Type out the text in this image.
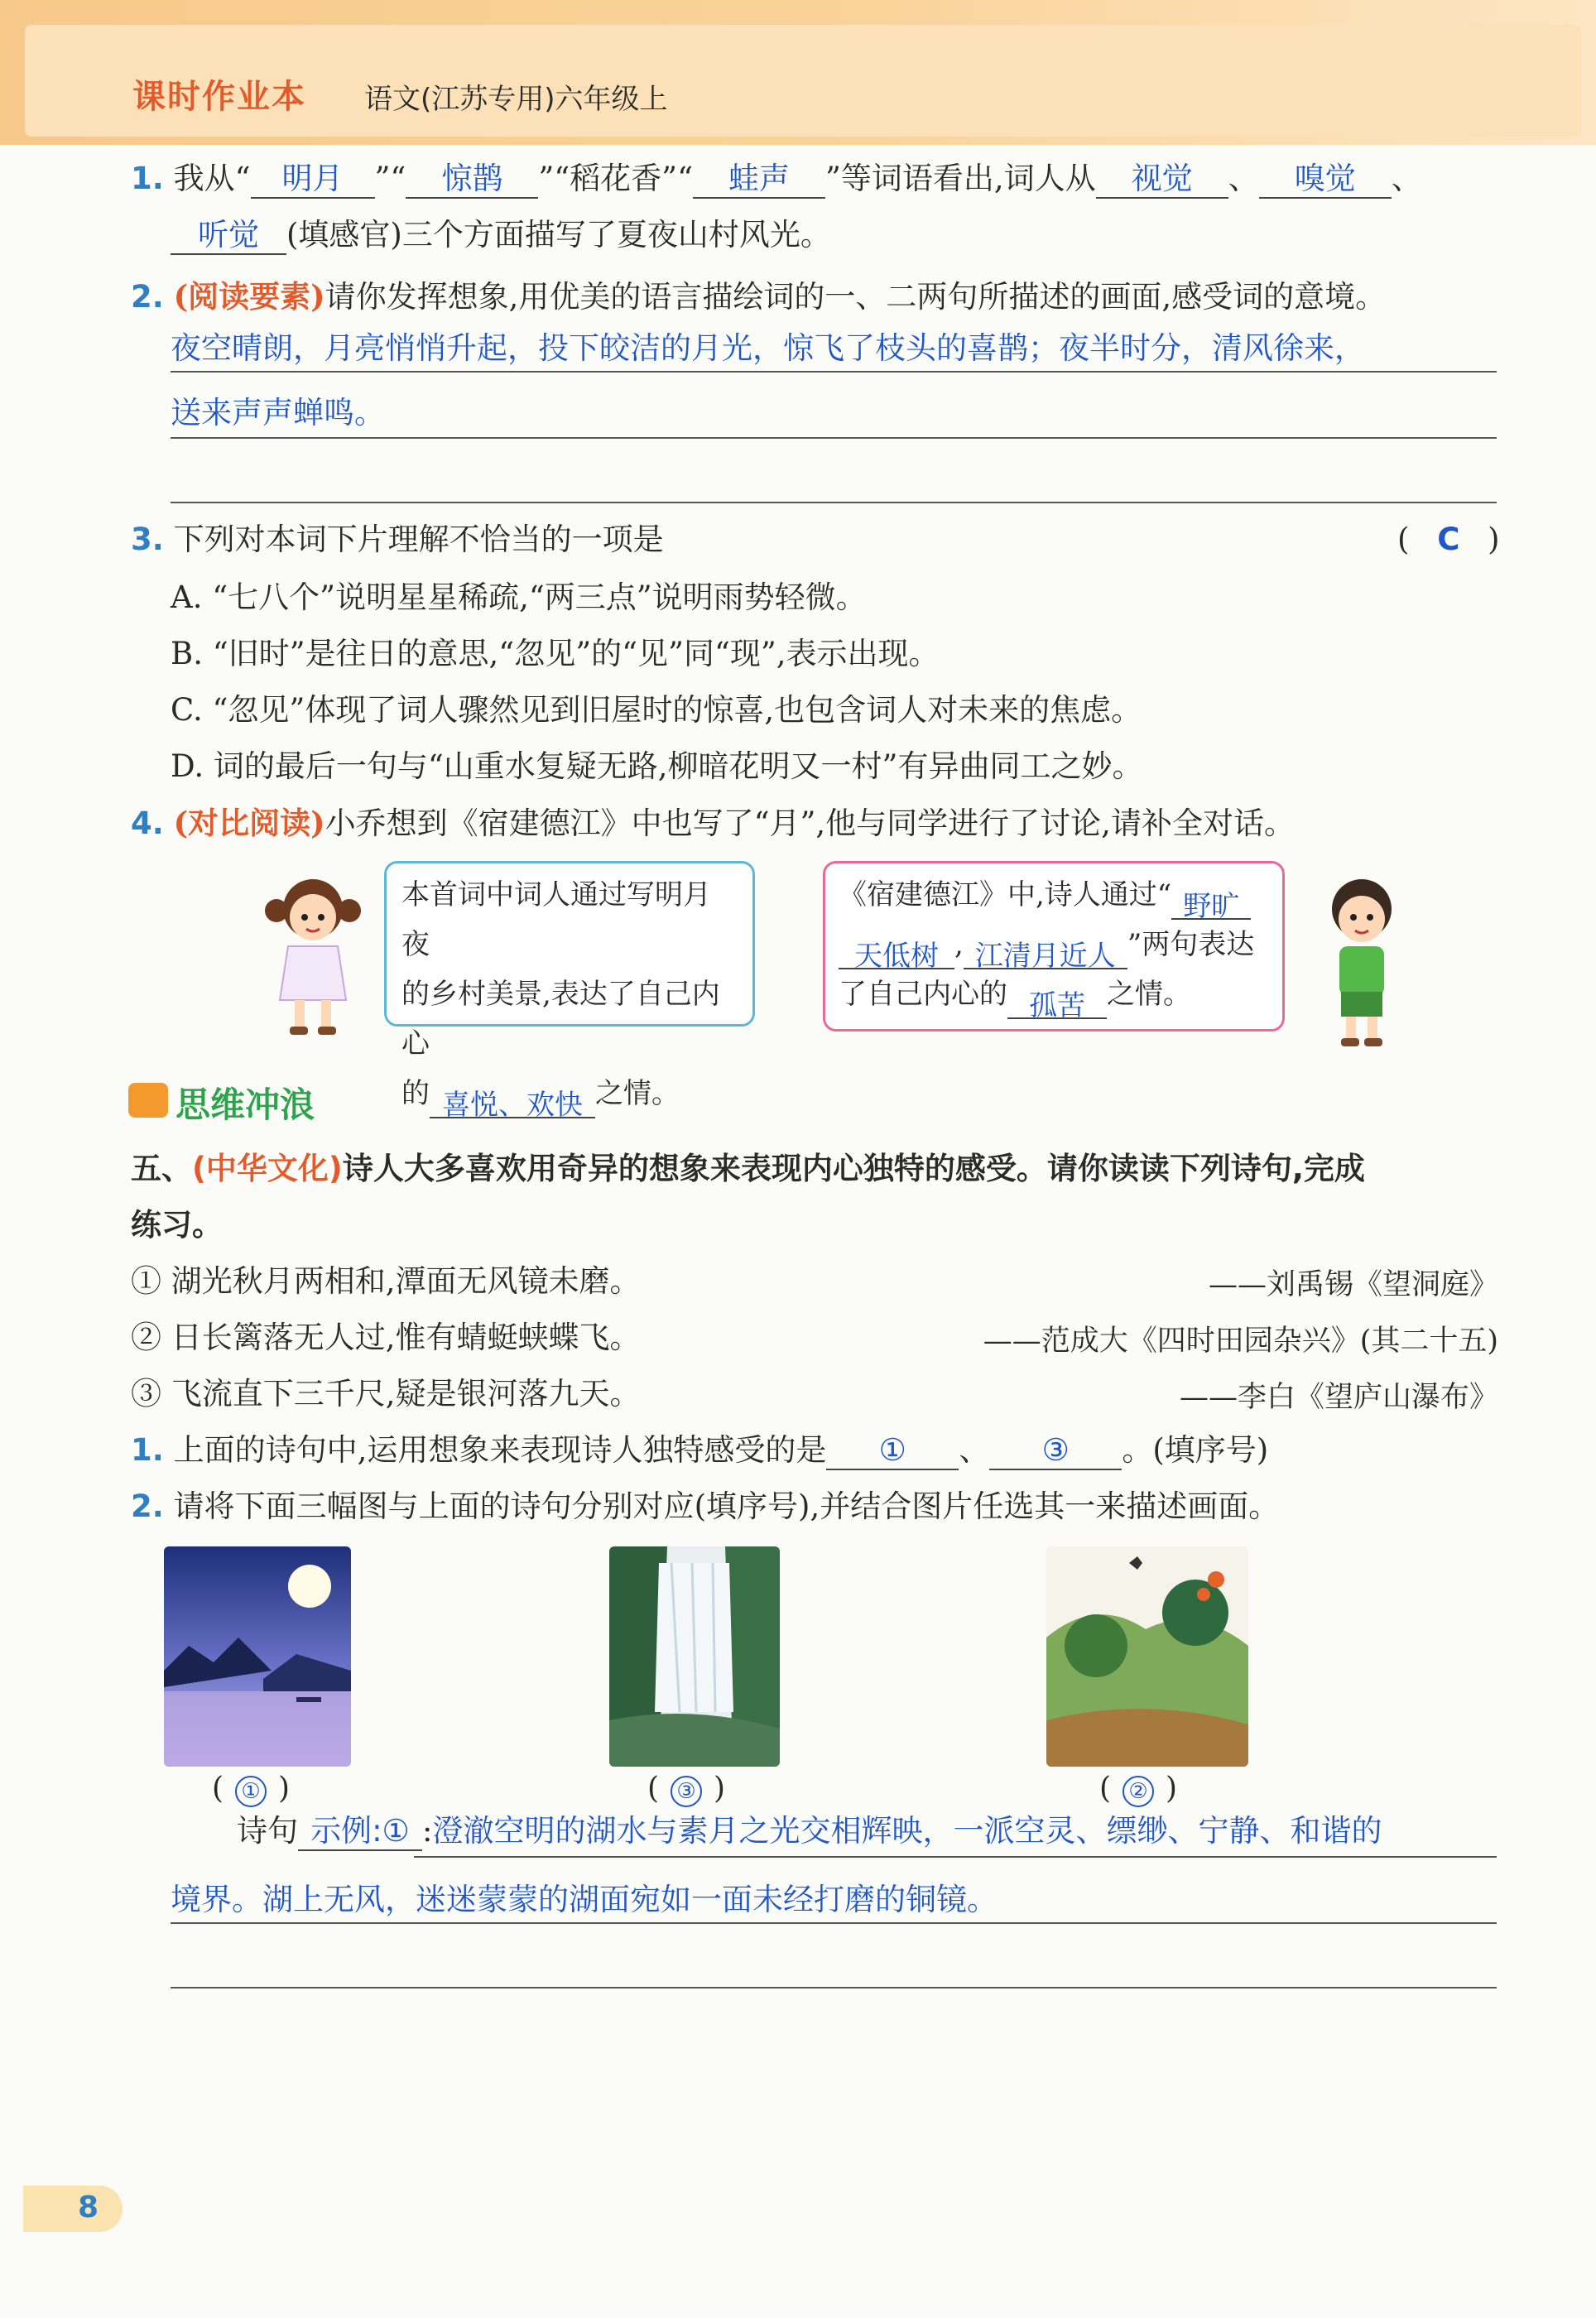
课时作业本 语文(江苏专用)六年级上
1. 我从“ 明月 ”“ 惊鹊 ”“稻花香”“ 蛙声 ”等词语看出,词人从 视觉 、 嗅觉 、
听觉 (填感官)三个方面描写了夏夜山村风光。
2. (阅读要素)请你发挥想象,用优美的语言描绘词的一、二两句所描述的画面,感受词的意境。
夜空晴朗，月亮悄悄升起，投下皎洁的月光，惊飞了枝头的喜鹊；夜半时分，清风徐来，
送来声声蝉鸣。
3. 下列对本词下片理解不恰当的一项是	( C )
A. “七八个”说明星星稀疏,“两三点”说明雨势轻微。
B. “旧时”是往日的意思,“忽见”的“见”同“现”,表示出现。
C. “忽见”体现了词人骤然见到旧屋时的惊喜,也包含词人对未来的焦虑。
D. 词的最后一句与“山重水复疑无路,柳暗花明又一村”有异曲同工之妙。
4. (对比阅读)小乔想到《宿建德江》中也写了“月”,他与同学进行了讨论,请补全对话。
本首词中词人通过写明月夜
的乡村美景,表达了自己内心
的 喜悦、欢快 之情。
《宿建德江》中,诗人通过“ 野旷
天低树 , 江清月近人 ”两句表达
了自己内心的 孤苦 之情。
思维冲浪
五、(中华文化)诗人大多喜欢用奇异的想象来表现内心独特的感受。请你读读下列诗句,完成
练习。
① 湖光秋月两相和,潭面无风镜未磨。	——刘禹锡《望洞庭》
② 日长篱落无人过,惟有蜻蜓蛱蝶飞。	——范成大《四时田园杂兴》(其二十五)
③ 飞流直下三千尺,疑是银河落九天。	——李白《望庐山瀑布》
1. 上面的诗句中,运用想象来表现诗人独特感受的是 ① 、 ③ 。(填序号)
2. 请将下面三幅图与上面的诗句分别对应(填序号),并结合图片任选其一来描述画面。
( ① )	( ③ )	( ② )
诗句 示例:① :澄澈空明的湖水与素月之光交相辉映，一派空灵、缥缈、宁静、和谐的
境界。湖上无风，迷迷蒙蒙的湖面宛如一面未经打磨的铜镜。
8
